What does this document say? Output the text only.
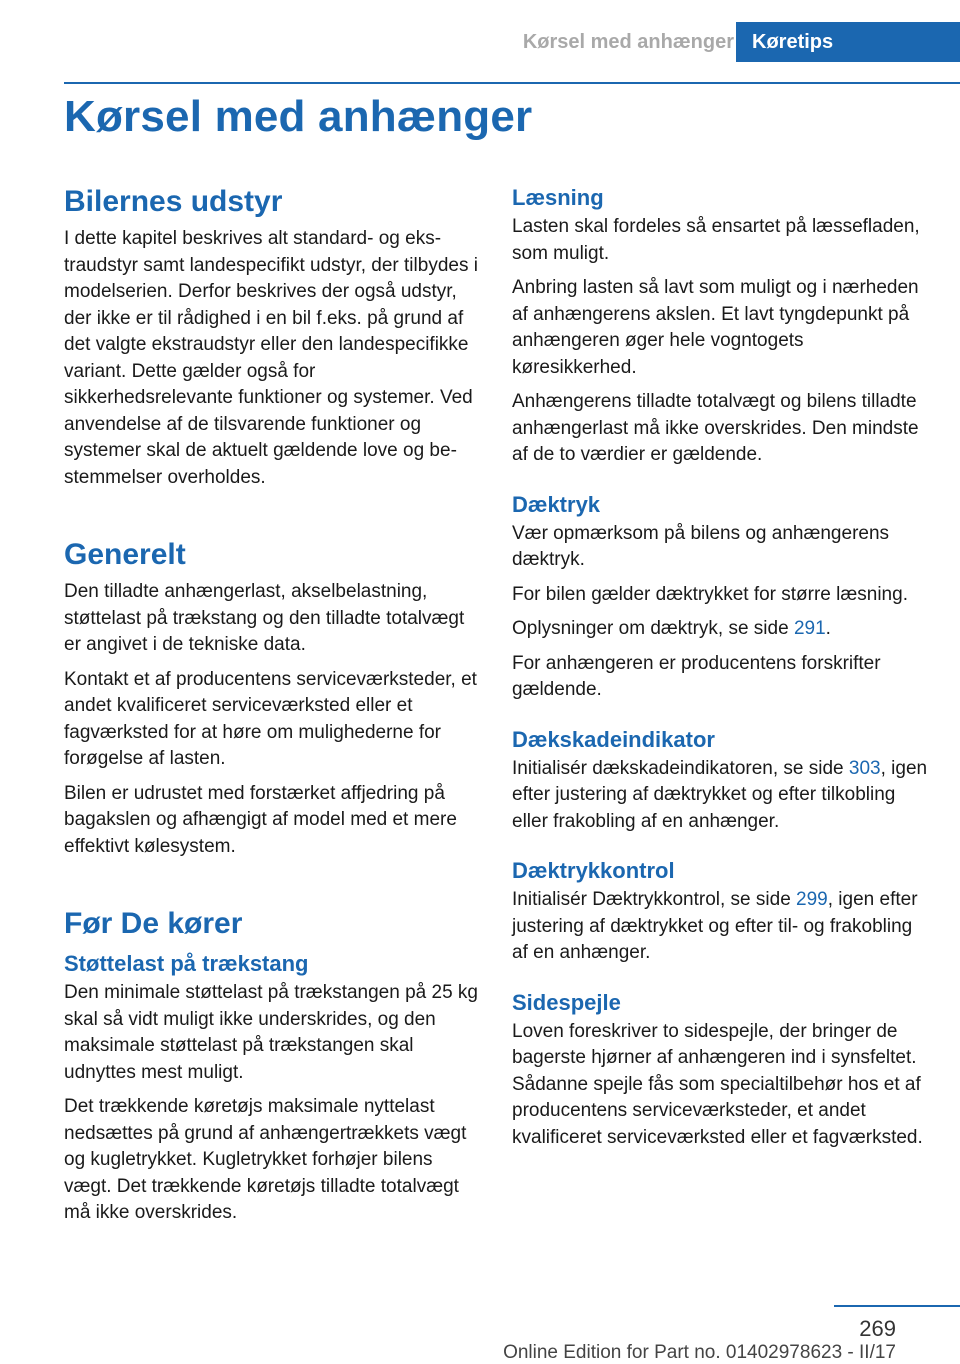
Kørsel med anhænger Køretips
Kørsel med anhænger
Bilernes udstyr

I dette kapitel beskrives alt standard- og ekstraudstyr samt landespecifikt udstyr, der tilbydes i modelserien. Derfor beskrives der også udstyr, der ikke er til rådighed i en bil f.eks. på grund af det valgte ekstraudstyr eller den landespecifikke variant. Dette gælder også for sikkerhedsrelevante funktioner og systemer. Ved anvendelse af de tilsvarende funktioner og systemer skal de aktuelt gældende love og bestemmelser overholdes.

Generelt

Den tilladte anhængerlast, akselbelastning, støttelast på trækstang og den tilladte totalvægt er angivet i de tekniske data.

Kontakt et af producentens serviceværksteder, et andet kvalificeret serviceværksted eller et fagværksted for at høre om mulighederne for forøgelse af lasten.

Bilen er udrustet med forstærket affjedring på bagakslen og afhængigt af model med et mere effektivt kølesystem.

Før De kører
Støttelast på trækstang

Den minimale støttelast på trækstangen på 25 kg skal så vidt muligt ikke underskrides, og den maksimale støttelast på trækstangen skal udnyttes mest muligt.

Det trækkende køretøjs maksimale nyttelast nedsættes på grund af anhængertrækkets vægt og kugletrykket. Kugletrykket forhøjer bilens vægt. Det trækkende køretøjs tilladte totalvægt må ikke overskrides.

Læsning

Lasten skal fordeles så ensartet på læssefladen, som muligt.

Anbring lasten så lavt som muligt og i nærheden af anhængerens akslen. Et lavt tyngdepunkt på anhængeren øger hele vogntogets køresikkerhed.

Anhængerens tilladte totalvægt og bilens tilladte anhængerlast må ikke overskrides. Den mindste af de to værdier er gældende.

Dæktryk

Vær opmærksom på bilens og anhængerens dæktryk.

For bilen gælder dæktrykket for større læsning.

Oplysninger om dæktryk, se side 291.

For anhængeren er producentens forskrifter gældende.

Dækskadeindikator

Initialisér dækskadeindikatoren, se side 303, igen efter justering af dæktrykket og efter tilkobling eller frakobling af en anhænger.

Dæktrykkontrol

Initialisér Dæktrykkontrol, se side 299, igen efter justering af dæktrykket og efter til- og frakobling af en anhænger.

Sidespejle

Loven foreskriver to sidespejle, der bringer de bagerste hjørner af anhængeren ind i synsfeltet. Sådanne spejle fås som specialtilbehør hos et af producentens serviceværksteder, et andet kvalificeret serviceværksted eller et fagværksted.

269
Online Edition for Part no. 01402978623 - II/17
